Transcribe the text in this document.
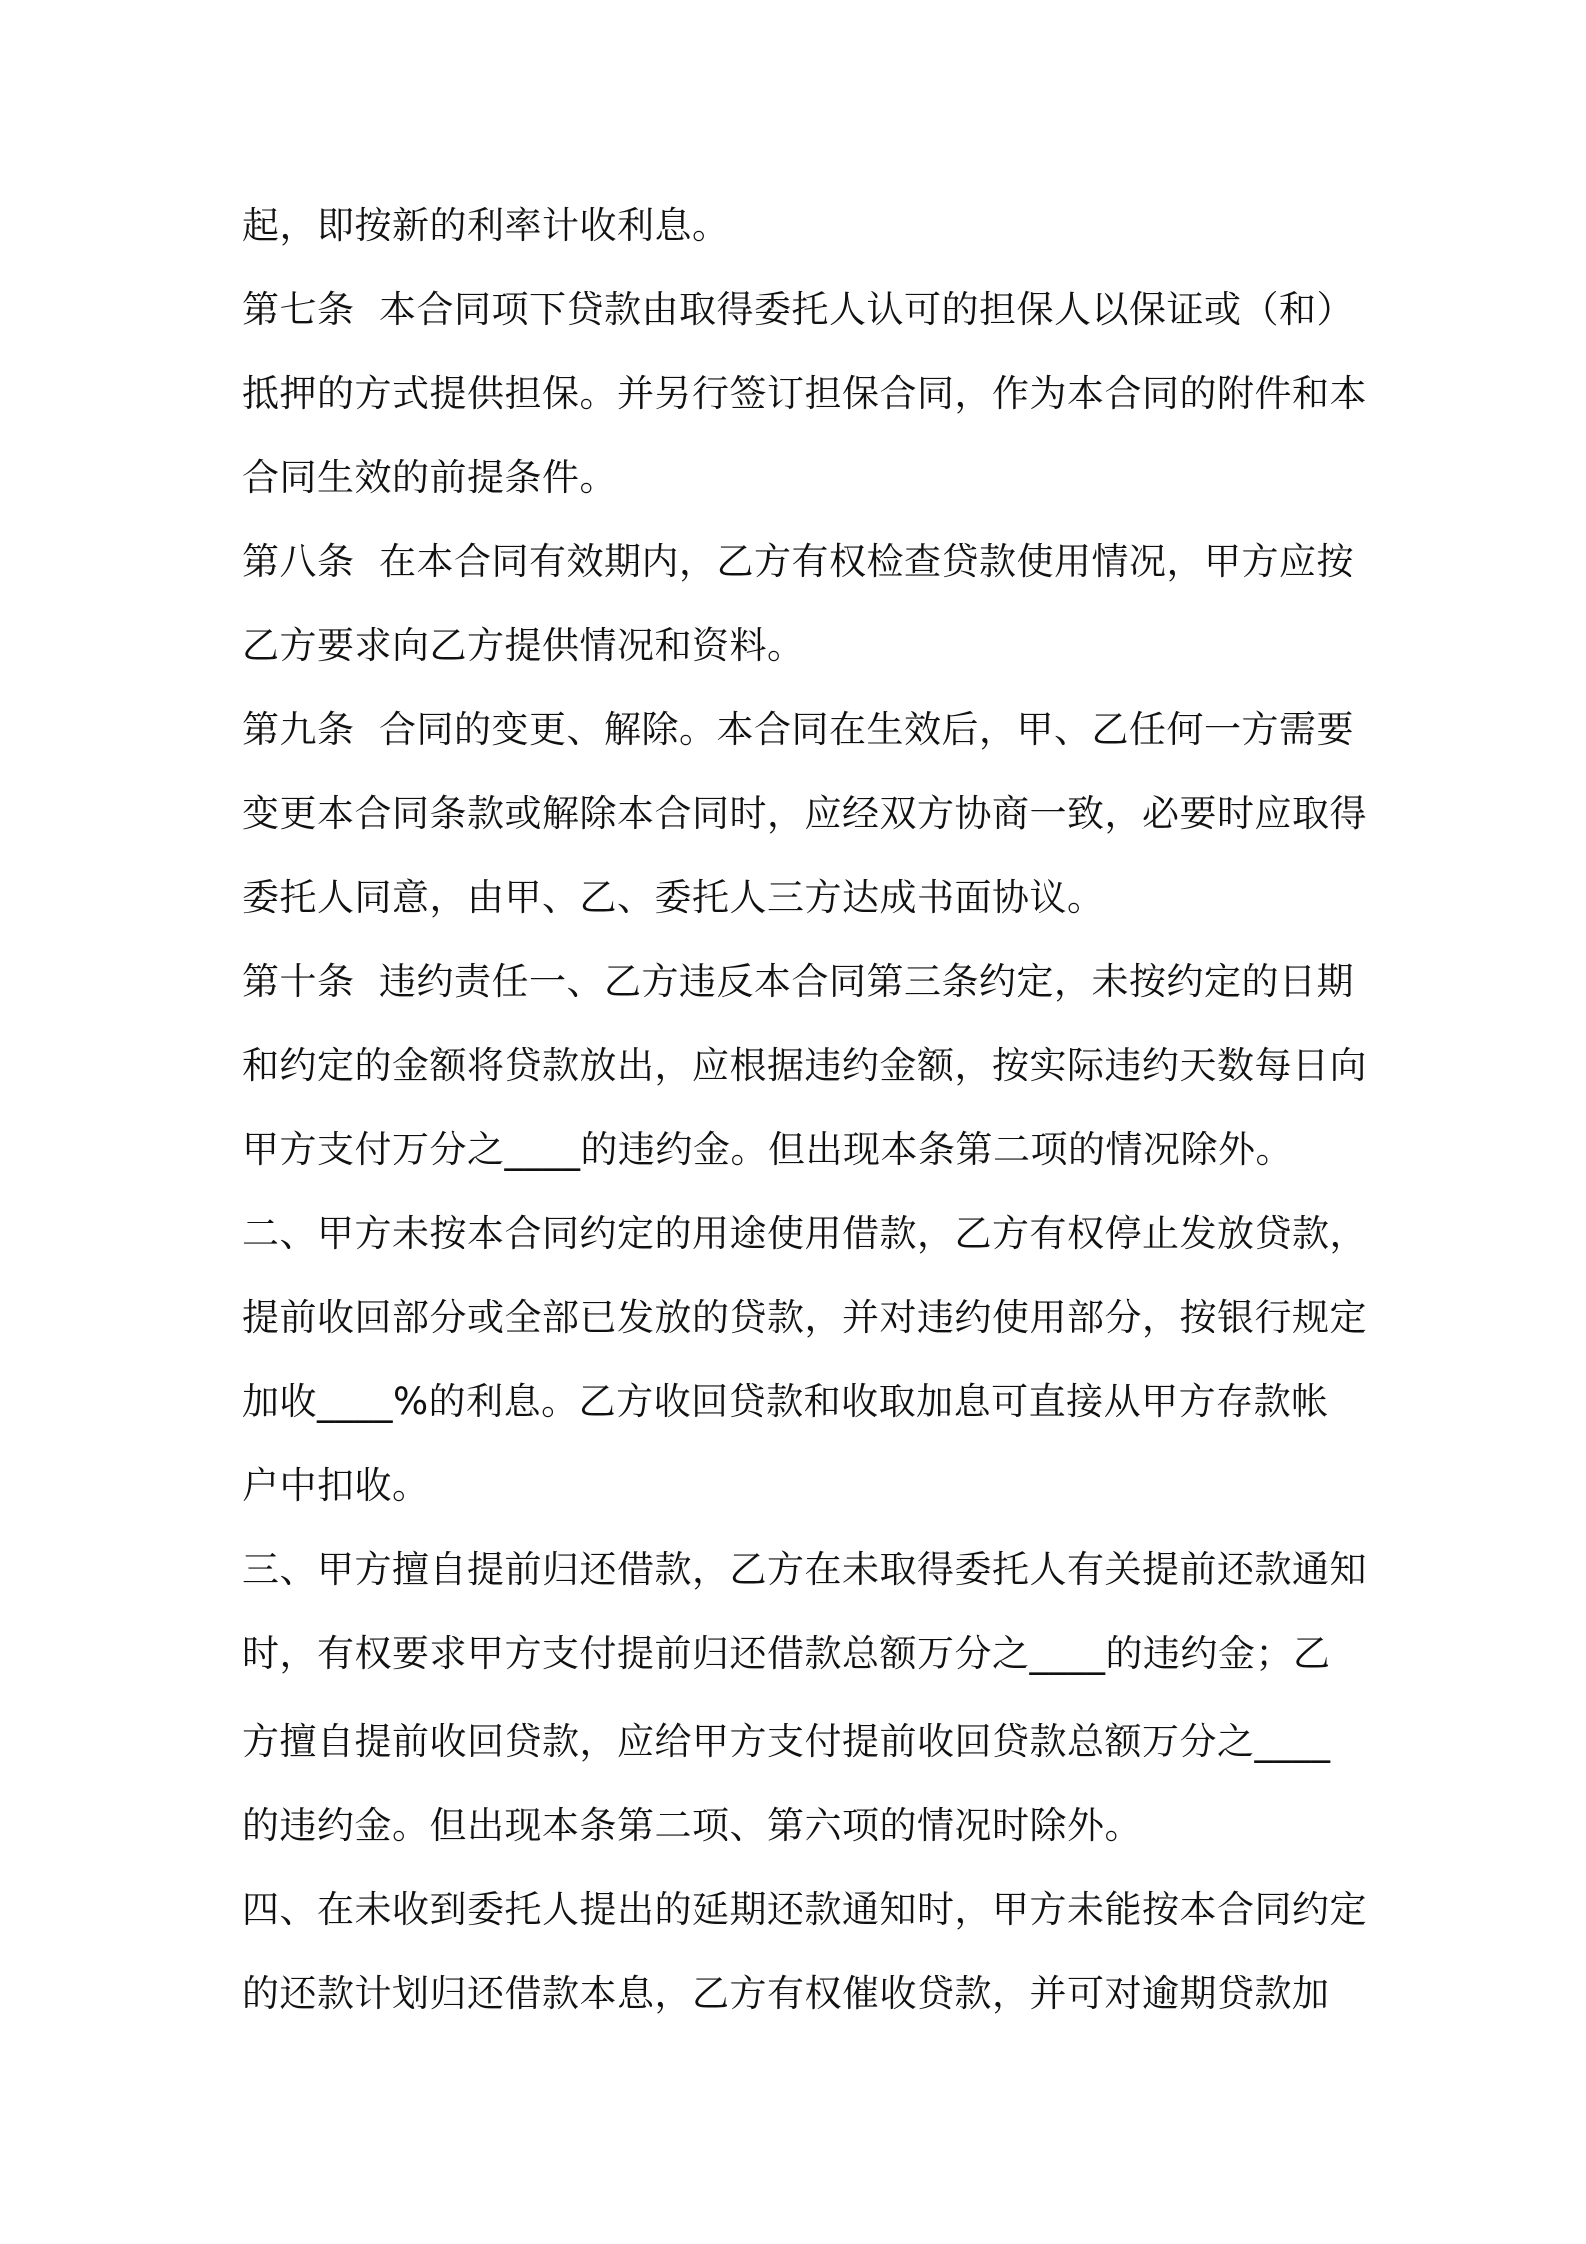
起，即按新的利率计收利息。
第七条  本合同项下贷款由取得委托人认可的担保人以保证或（和）
抵押的方式提供担保。并另行签订担保合同，作为本合同的附件和本
合同生效的前提条件。
第八条  在本合同有效期内，乙方有权检查贷款使用情况，甲方应按
乙方要求向乙方提供情况和资料。
第九条  合同的变更、解除。本合同在生效后，甲、乙任何一方需要
变更本合同条款或解除本合同时，应经双方协商一致，必要时应取得
委托人同意，由甲、乙、委托人三方达成书面协议。
第十条  违约责任一、乙方违反本合同第三条约定，未按约定的日期
和约定的金额将贷款放出，应根据违约金额，按实际违约天数每日向
甲方支付万分之____的违约金。但出现本条第二项的情况除外。
二、甲方未按本合同约定的用途使用借款，乙方有权停止发放贷款，
提前收回部分或全部已发放的贷款，并对违约使用部分，按银行规定
加收____%的利息。乙方收回贷款和收取加息可直接从甲方存款帐
户中扣收。
三、甲方擅自提前归还借款，乙方在未取得委托人有关提前还款通知
时，有权要求甲方支付提前归还借款总额万分之____的违约金；乙
方擅自提前收回贷款，应给甲方支付提前收回贷款总额万分之____
的违约金。但出现本条第二项、第六项的情况时除外。
四、在未收到委托人提出的延期还款通知时，甲方未能按本合同约定
的还款计划归还借款本息，乙方有权催收贷款，并可对逾期贷款加
